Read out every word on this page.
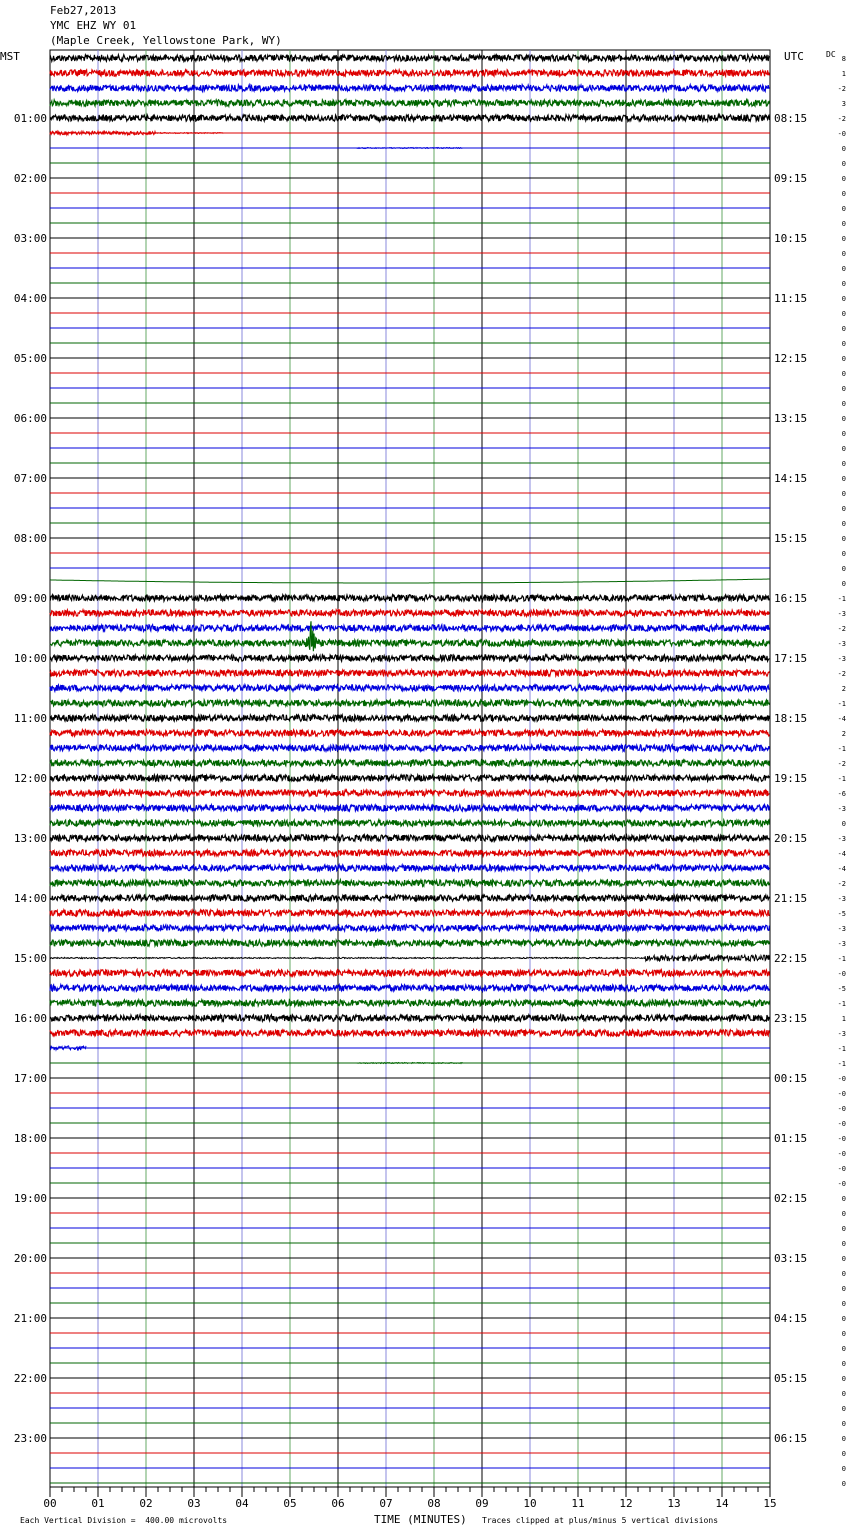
Feb27,2013
YMC EHZ WY 01
(Maple Creek, Yellowstone Park, WY)
MST	UTC	DC 8
1
-2
3
-2
-0
0
0
0
0
0
0
0
0
0
0
0
0
0
0
0
0
0
0
0
0
0
0
0
0
0
0
0
0
0
0
-1
-3
-2
-3
-3
-2
2
-1
-4
2
-1
-2
-1
-6
-3
0
-3
-4
-4
-2
-3
-5
-3
-3
-1
-0
-5
-1
1
-3
-1
-1
-0
-0
-0
-0
-0
-0
-0
-0
0
0
0
0
0
0
0
0
0
0
0
0
0
0
0
0
0
0
0
0
01:00
02:00
03:00
04:00
05:00
06:00
07:00
08:00
09:00
10:00
11:00
12:00
13:00
14:00
15:00
16:00
17:00
18:00
19:00
20:00
21:00
22:00
23:00
08:15
09:15
10:15
11:15
12:15
13:15
14:15
15:15
16:15
17:15
18:15
19:15
20:15
21:15
22:15
23:15
00:15
01:15
02:15
03:15
04:15
05:15
06:15
00	01	02	03	04	05	06	07	08	09	10	11	12	13	14	15
Each Vertical Division =  400.00 microvolts	TIME (MINUTES) Traces clipped at plus/minus 5 vertical divisions
